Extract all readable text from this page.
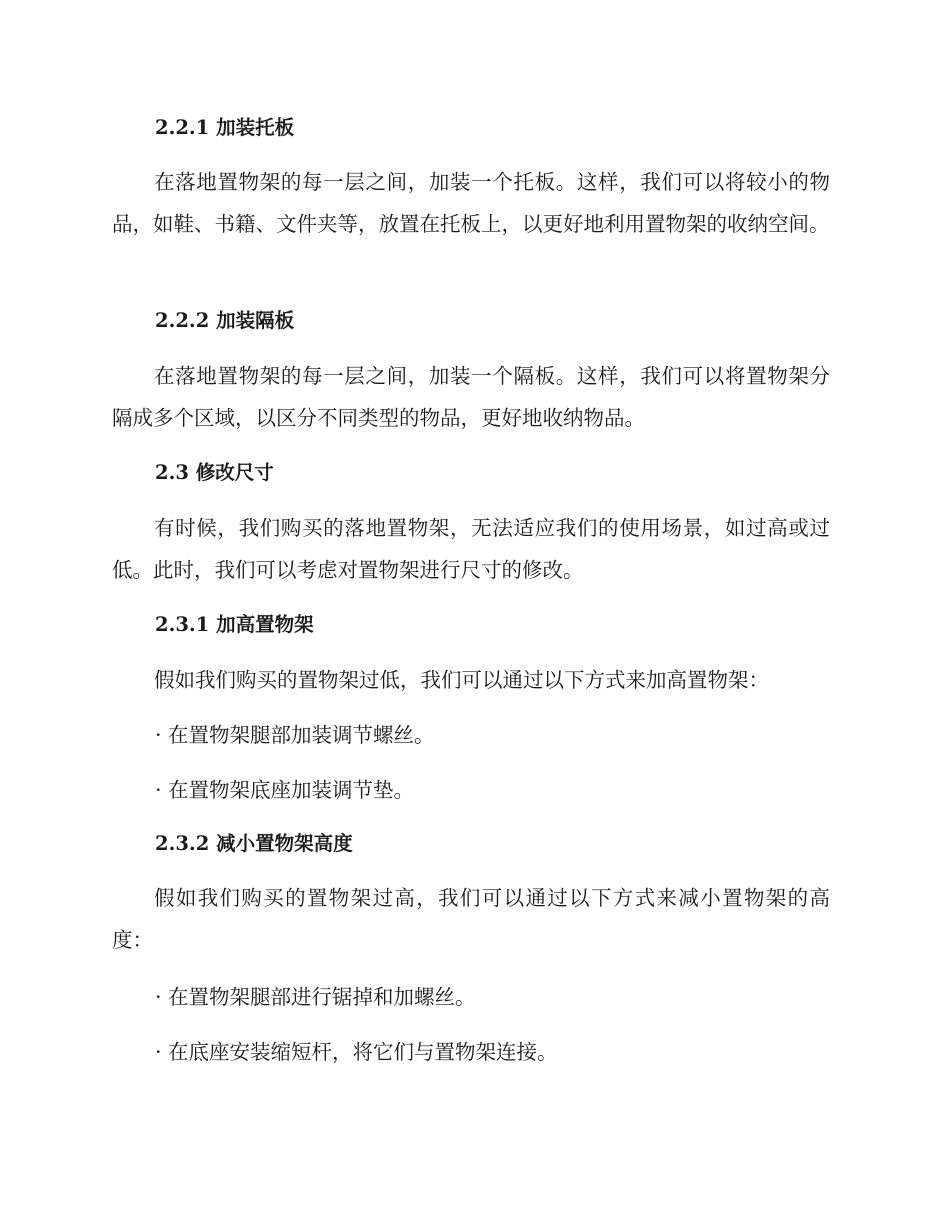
2.2.1 加装托板
在落地置物架的每一层之间，加装一个托板。这样，我们可以将较小的物品，如鞋、书籍、文件夹等，放置在托板上，以更好地利用置物架的收纳空间。
2.2.2 加装隔板
在落地置物架的每一层之间，加装一个隔板。这样，我们可以将置物架分隔成多个区域，以区分不同类型的物品，更好地收纳物品。
2.3 修改尺寸
有时候，我们购买的落地置物架，无法适应我们的使用场景，如过高或过低。此时，我们可以考虑对置物架进行尺寸的修改。
2.3.1 加高置物架
假如我们购买的置物架过低，我们可以通过以下方式来加高置物架：
· 在置物架腿部加装调节螺丝。
· 在置物架底座加装调节垫。
2.3.2 减小置物架高度
假如我们购买的置物架过高，我们可以通过以下方式来减小置物架的高度：
· 在置物架腿部进行锯掉和加螺丝。
· 在底座安装缩短杆，将它们与置物架连接。
